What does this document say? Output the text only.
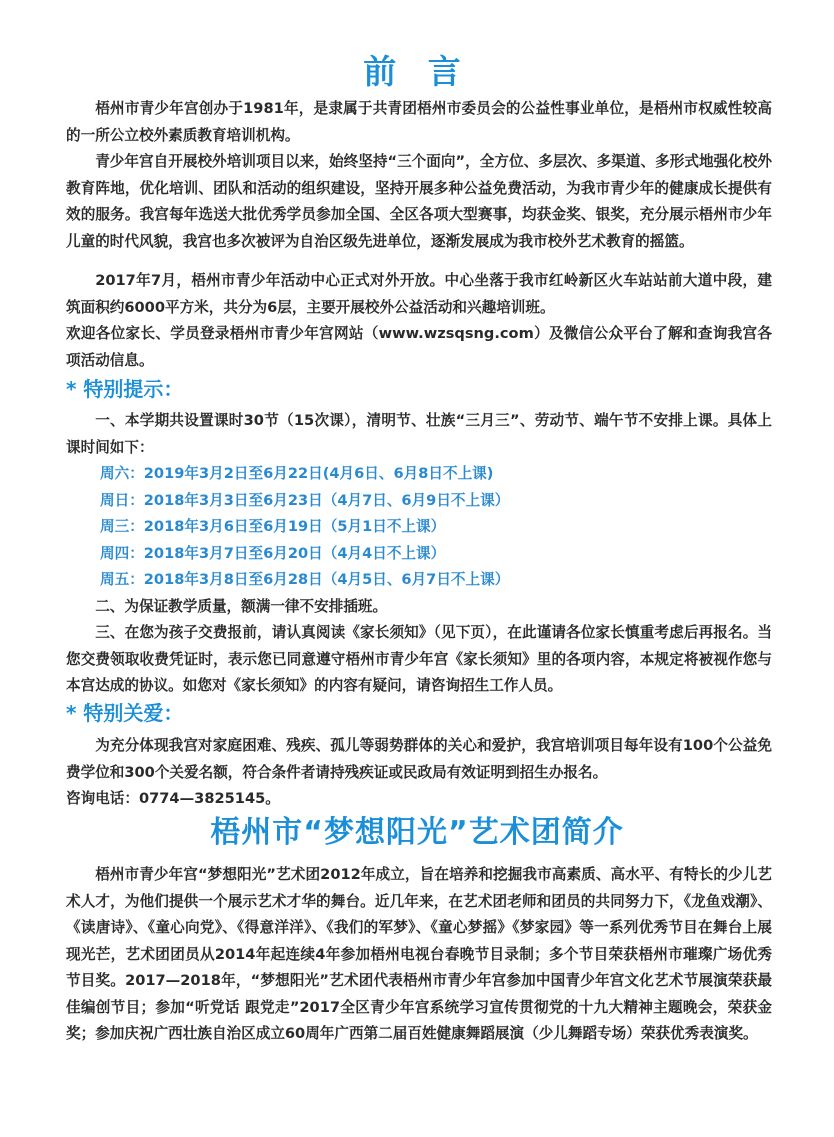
前 言

梧州市青少年宫创办于1981年，是隶属于共青团梧州市委员会的公益性事业单位，是梧州市权威性较高的一所公立校外素质教育培训机构。

青少年宫自开展校外培训项目以来，始终坚持“三个面向”，全方位、多层次、多渠道、多形式地强化校外教育阵地，优化培训、团队和活动的组织建设，坚持开展多种公益免费活动，为我市青少年的健康成长提供有效的服务。我宫每年选送大批优秀学员参加全国、全区各项大型赛事，均获金奖、银奖，充分展示梧州市少年儿童的时代风貌，我宫也多次被评为自治区级先进单位，逐渐发展成为我市校外艺术教育的摇篮。

2017年7月，梧州市青少年活动中心正式对外开放。中心坐落于我市红岭新区火车站站前大道中段，建筑面积约6000平方米，共分为6层，主要开展校外公益活动和兴趣培训班。

欢迎各位家长、学员登录梧州市青少年宫网站（www.wzsqsng.com）及微信公众平台了解和查询我宫各项活动信息。

* 特别提示：

一、本学期共设置课时30节（15次课），清明节、壮族“三月三”、劳动节、端午节不安排上课。具体上课时间如下：

周六：2019年3月2日至6月22日(4月6日、6月8日不上课)
周日：2018年3月3日至6月23日（4月7日、6月9日不上课）
周三：2018年3月6日至6月19日（5月1日不上课）
周四：2018年3月7日至6月20日（4月4日不上课）
周五：2018年3月8日至6月28日（4月5日、6月7日不上课）

二、为保证教学质量，额满一律不安排插班。

三、在您为孩子交费报前，请认真阅读《家长须知》（见下页），在此谨请各位家长慎重考虑后再报名。当您交费领取收费凭证时，表示您已同意遵守梧州市青少年宫《家长须知》里的各项内容，本规定将被视作您与本宫达成的协议。如您对《家长须知》的内容有疑问，请咨询招生工作人员。

* 特别关爱：

为充分体现我宫对家庭困难、残疾、孤儿等弱势群体的关心和爱护，我宫培训项目每年设有100个公益免费学位和300个关爱名额，符合条件者请持残疾证或民政局有效证明到招生办报名。

咨询电话：0774—3825145。

梧州市“梦想阳光”艺术团简介

梧州市青少年宫“梦想阳光”艺术团2012年成立，旨在培养和挖掘我市高素质、高水平、有特长的少儿艺术人才，为他们提供一个展示艺术才华的舞台。近几年来，在艺术团老师和团员的共同努力下，《龙鱼戏潮》、《读唐诗》、《童心向党》、《得意洋洋》、《我们的军梦》、《童心梦摇》《梦家园》等一系列优秀节目在舞台上展现光芒，艺术团团员从2014年起连续4年参加梧州电视台春晚节目录制；多个节目荣获梧州市璀璨广场优秀节目奖。2017—2018年，“梦想阳光”艺术团代表梧州市青少年宫参加中国青少年宫文化艺术节展演荣获最佳编创节目；参加“听党话 跟党走”2017全区青少年宫系统学习宣传贯彻党的十九大精神主题晚会，荣获金奖；参加庆祝广西壮族自治区成立60周年广西第二届百姓健康舞蹈展演（少儿舞蹈专场）荣获优秀表演奖。
